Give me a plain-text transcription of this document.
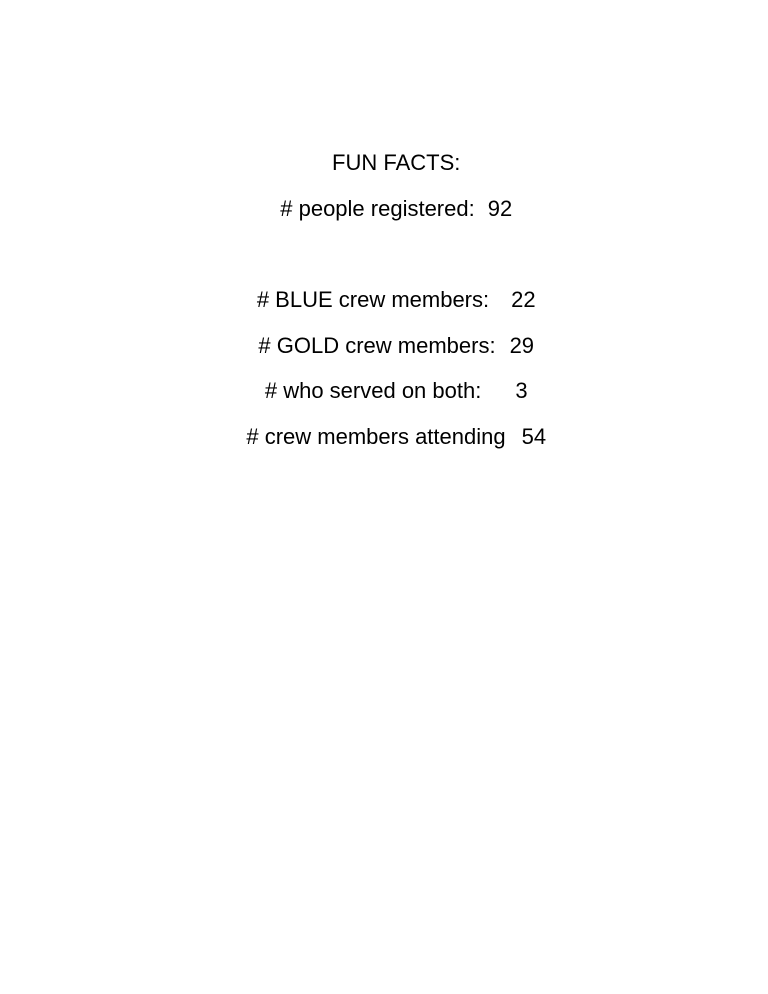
FUN FACTS:

# people registered: 92

# BLUE crew members: 22

# GOLD crew members: 29

# who served on both: 3

# crew members attending 54
